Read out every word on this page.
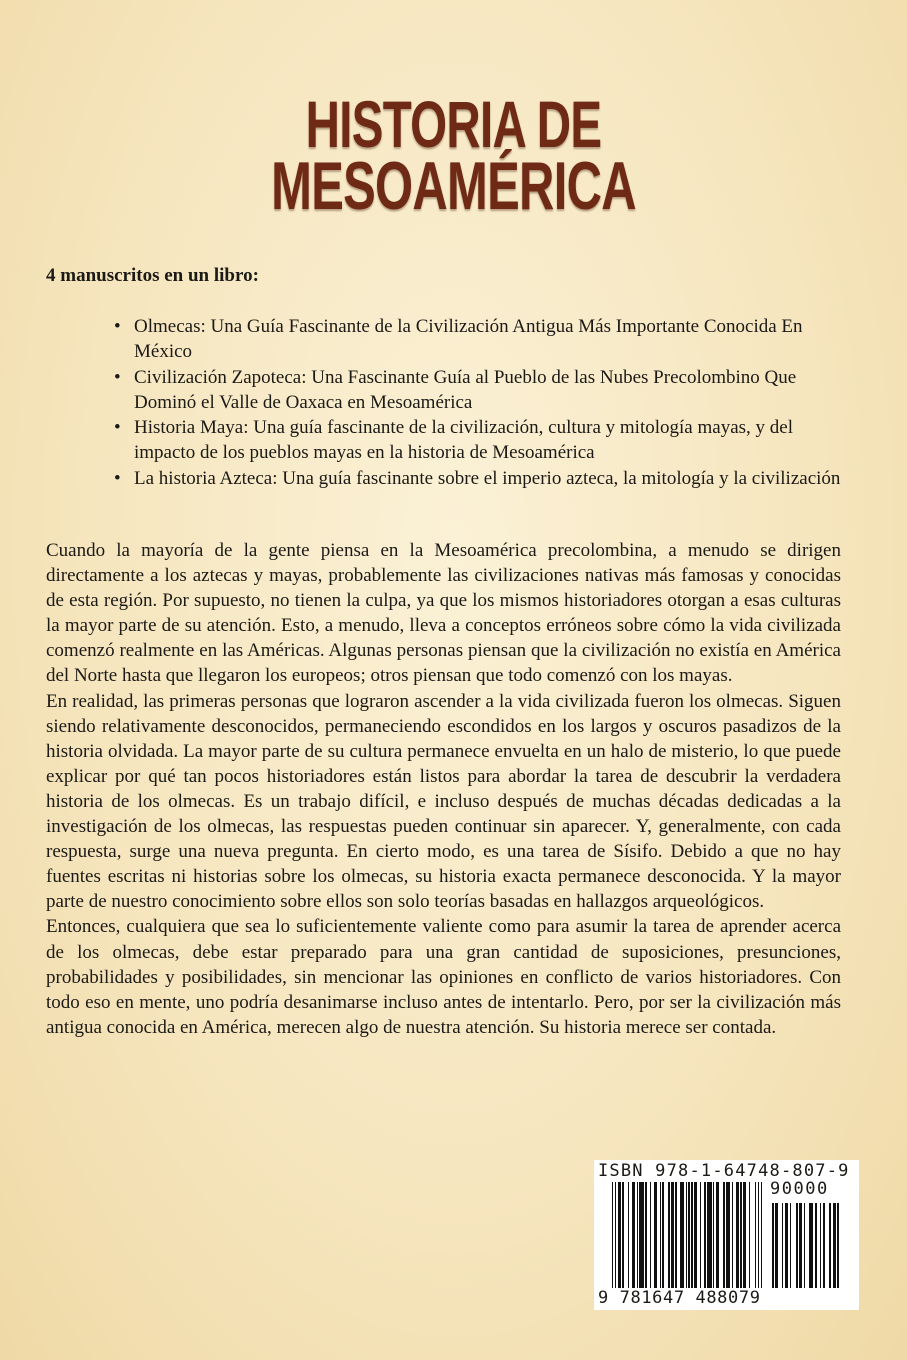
HISTORIA DE
MESOAMÉRICA
4 manuscritos en un libro:
• Olmecas: Una Guía Fascinante de la Civilización Antigua Más Importante Conocida En México
• Civilización Zapoteca: Una Fascinante Guía al Pueblo de las Nubes Precolombino Que Dominó el Valle de Oaxaca en Mesoamérica
• Historia Maya: Una guía fascinante de la civilización, cultura y mitología mayas, y del impacto de los pueblos mayas en la historia de Mesoamérica
• La historia Azteca: Una guía fascinante sobre el imperio azteca, la mitología y la civilización

Cuando la mayoría de la gente piensa en la Mesoamérica precolombina, a menudo se dirigen directamente a los aztecas y mayas, probablemente las civilizaciones nativas más famosas y conocidas de esta región. Por supuesto, no tienen la culpa, ya que los mismos historiadores otorgan a esas culturas la mayor parte de su atención. Esto, a menudo, lleva a conceptos erróneos sobre cómo la vida civilizada comenzó realmente en las Américas. Algunas personas piensan que la civilización no existía en América del Norte hasta que llegaron los europeos; otros piensan que todo comenzó con los mayas.

En realidad, las primeras personas que lograron ascender a la vida civilizada fueron los olmecas. Siguen siendo relativamente desconocidos, permaneciendo escondidos en los largos y oscuros pasadizos de la historia olvidada. La mayor parte de su cultura permanece envuelta en un halo de misterio, lo que puede explicar por qué tan pocos historiadores están listos para abordar la tarea de descubrir la verdadera historia de los olmecas. Es un trabajo difícil, e incluso después de muchas décadas dedicadas a la investigación de los olmecas, las respuestas pueden continuar sin aparecer. Y, generalmente, con cada respuesta, surge una nueva pregunta. En cierto modo, es una tarea de Sísifo. Debido a que no hay fuentes escritas ni historias sobre los olmecas, su historia exacta permanece desconocida. Y la mayor parte de nuestro conocimiento sobre ellos son solo teorías basadas en hallazgos arqueológicos.

Entonces, cualquiera que sea lo suficientemente valiente como para asumir la tarea de aprender acerca de los olmecas, debe estar preparado para una gran cantidad de suposiciones, presunciones, probabilidades y posibilidades, sin mencionar las opiniones en conflicto de varios historiadores. Con todo eso en mente, uno podría desanimarse incluso antes de intentarlo. Pero, por ser la civilización más antigua conocida en América, merecen algo de nuestra atención. Su historia merece ser contada.

ISBN 978-1-64748-807-9
90000
9 781647 488079
